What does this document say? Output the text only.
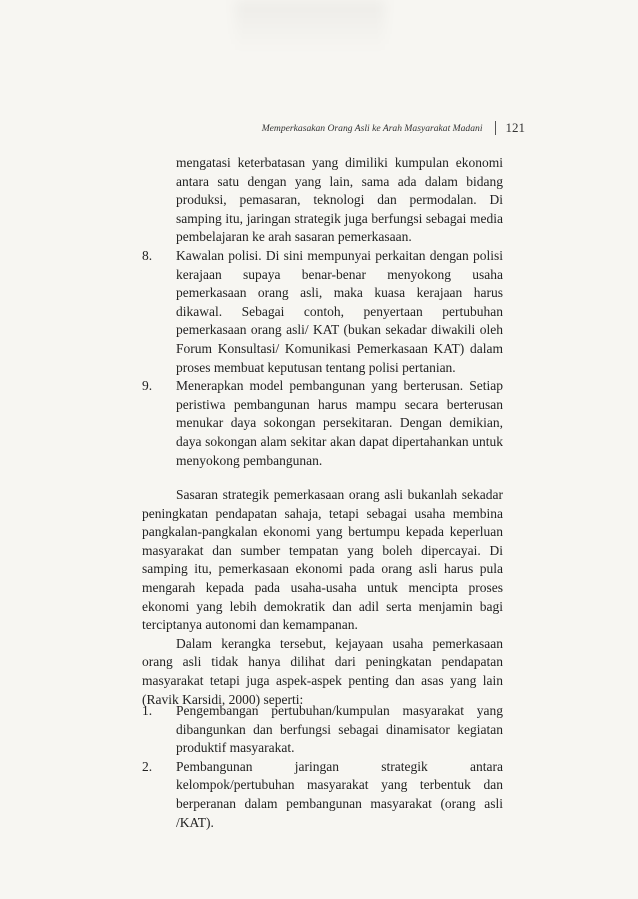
Memperkasakan Orang Asli ke Arah Masyarakat Madani 121

mengatasi keterbatasan yang dimiliki kumpulan ekonomi antara satu dengan yang lain, sama ada dalam bidang produksi, pemasaran, teknologi dan permodalan. Di samping itu, jaringan strategik juga berfungsi sebagai media pembelajaran ke arah sasaran pemerkasaan.

8.	Kawalan polisi. Di sini mempunyai perkaitan dengan polisi kerajaan supaya benar-benar menyokong usaha pemerkasaan orang asli, maka kuasa kerajaan harus dikawal. Sebagai contoh, penyertaan pertubuhan pemerkasaan orang asli/ KAT (bukan sekadar diwakili oleh Forum Konsultasi/ Komunikasi Pemerkasaan KAT) dalam proses membuat keputusan tentang polisi pertanian.
9.	Menerapkan model pembangunan yang berterusan. Setiap peristiwa pembangunan harus mampu secara berterusan menukar daya sokongan persekitaran. Dengan demikian, daya sokongan alam sekitar akan dapat dipertahankan untuk menyokong pembangunan.

Sasaran strategik pemerkasaan orang asli bukanlah sekadar peningkatan pendapatan sahaja, tetapi sebagai usaha membina pangkalan-pangkalan ekonomi yang bertumpu kepada keperluan masyarakat dan sumber tempatan yang boleh dipercayai. Di samping itu, pemerkasaan ekonomi pada orang asli harus pula mengarah kepada pada usaha-usaha untuk mencipta proses ekonomi yang lebih demokratik dan adil serta menjamin bagi terciptanya autonomi dan kemampanan.

Dalam kerangka tersebut, kejayaan usaha pemerkasaan orang asli tidak hanya dilihat dari peningkatan pendapatan masyarakat tetapi juga aspek-aspek penting dan asas yang lain (Ravik Karsidi, 2000) seperti:

1.	Pengembangan pertubuhan/kumpulan masyarakat yang dibangunkan dan berfungsi sebagai dinamisator kegiatan produktif masyarakat.
2.	Pembangunan jaringan strategik antara kelompok/pertubuhan masyarakat yang terbentuk dan berperanan dalam pembangunan masyarakat (orang asli /KAT).
